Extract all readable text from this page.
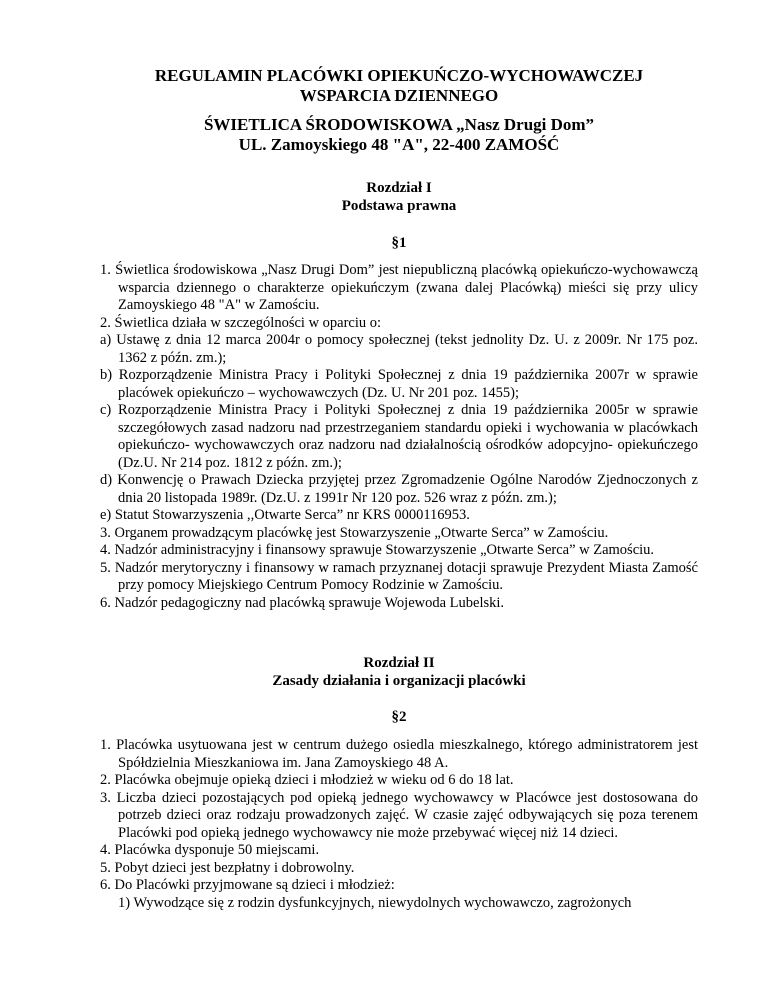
REGULAMIN PLACÓWKI OPIEKUŃCZO-WYCHOWAWCZEJ

WSPARCIA DZIENNEGO

ŚWIETLICA ŚRODOWISKOWA „Nasz Drugi Dom”

UL. Zamoyskiego 48 "A", 22-400 ZAMOŚĆ

Rozdział I

Podstawa prawna

§1

1. Świetlica środowiskowa „Nasz Drugi Dom” jest niepubliczną placówką opiekuńczo-wychowawczą wsparcia dziennego o charakterze opiekuńczym (zwana dalej Placówką) mieści się przy ulicy Zamoyskiego 48 "A" w Zamościu.

2. Świetlica działa w szczególności w oparciu o:

a) Ustawę z dnia 12 marca 2004r o pomocy społecznej (tekst jednolity Dz. U. z 2009r. Nr 175 poz. 1362 z późn. zm.);

b) Rozporządzenie Ministra Pracy i Polityki Społecznej z dnia 19 października 2007r w sprawie placówek opiekuńczo – wychowawczych (Dz. U. Nr 201 poz. 1455);

c) Rozporządzenie Ministra Pracy i Polityki Społecznej z dnia 19 października 2005r w sprawie szczegółowych zasad nadzoru nad przestrzeganiem standardu opieki i wychowania w placówkach opiekuńczo- wychowawczych oraz nadzoru nad działalnością ośrodków adopcyjno- opiekuńczego (Dz.U. Nr 214 poz. 1812 z późn. zm.);

d) Konwencję o Prawach Dziecka przyjętej przez Zgromadzenie Ogólne Narodów Zjednoczonych z dnia 20 listopada 1989r. (Dz.U. z 1991r Nr 120 poz. 526 wraz z późn. zm.);

e) Statut Stowarzyszenia ,,Otwarte Serca” nr KRS 0000116953.

3. Organem prowadzącym placówkę jest Stowarzyszenie „Otwarte Serca” w Zamościu.

4. Nadzór administracyjny i finansowy sprawuje Stowarzyszenie „Otwarte Serca” w Zamościu.

5. Nadzór merytoryczny i finansowy w ramach przyznanej dotacji sprawuje Prezydent Miasta Zamość przy pomocy Miejskiego Centrum Pomocy Rodzinie w Zamościu.

6. Nadzór pedagogiczny nad placówką sprawuje Wojewoda Lubelski.

Rozdział II

Zasady działania i organizacji placówki

§2

1. Placówka usytuowana jest w centrum dużego osiedla mieszkalnego, którego administratorem jest Spółdzielnia Mieszkaniowa im. Jana Zamoyskiego 48 A.

2. Placówka obejmuje opieką dzieci i młodzież w wieku od 6 do 18 lat.

3. Liczba dzieci pozostających pod opieką jednego wychowawcy w Placówce jest dostosowana do potrzeb dzieci oraz rodzaju prowadzonych zajęć. W czasie zajęć odbywających się poza terenem Placówki pod opieką jednego wychowawcy nie może przebywać więcej niż 14 dzieci.

4. Placówka dysponuje 50 miejscami.

5. Pobyt dzieci jest bezpłatny i dobrowolny.

6. Do Placówki przyjmowane są dzieci i młodzież:

1) Wywodzące się z rodzin dysfunkcyjnych, niewydolnych wychowawczo, zagrożonych
